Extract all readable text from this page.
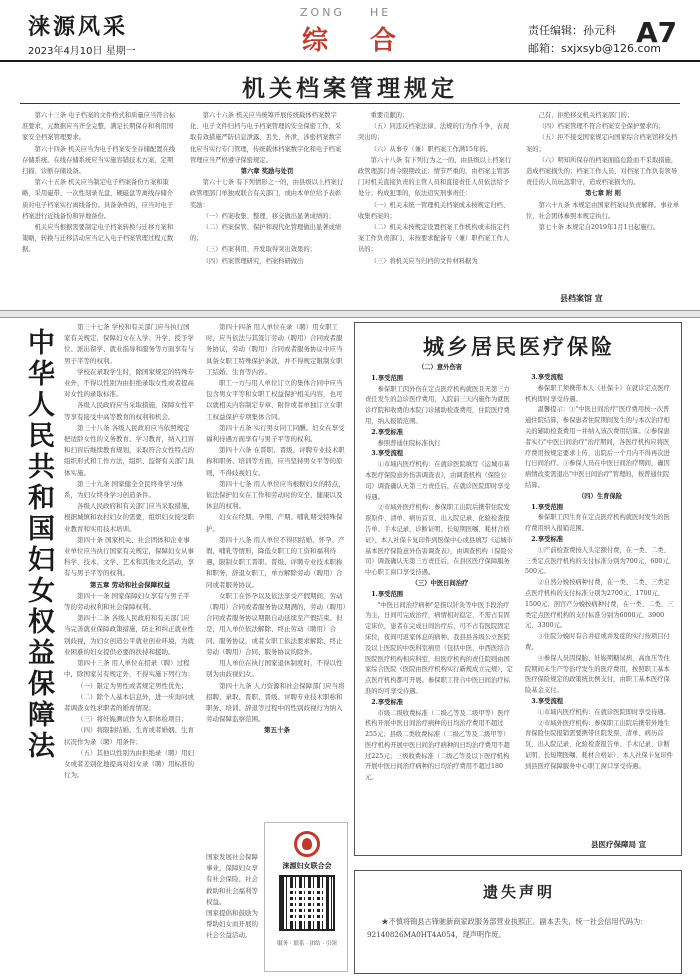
涞源风采
2023年4月10日 星期一
ZONG HE
综 合	责任编辑：孙元科
邮箱：sxjxsyb@126.com
A7
机关档案管理规定

第六十三条 电子档案的文件格式和质量应当符合标准要求，元数据应当齐全完整，满足长期保存和利用国家安全档案管理要求。

第六十四条 机关应当为电子档案安全存储配置在线存储系统。在线存储系统应当实施容错技术方案，定期扫描、诊断存储设备。

第六十五条 机关应当制定电子档案备份方案和策略，采用磁带、一次性刻录光盘、硬磁盘等离线存储介质对电子档案实行离线备份。具备条件的，应当对电子档案进行近线备份和异地备份。

机关应当根据需要制定电子档案转换与迁移方案和策略，转换与迁移活动应当记入电子档案管理过程元数据。

第六十六条 机关应当统筹开展传统载体档案数字化、电子文件归档与电子档案管理的安全保密工作，采取有效措施严防信息泄露、丢失、外泄、涉密档案数字化应当实行专门管理，传统载体档案数字化和电子档案管理应当严格遵守保密规定。

第六章 奖励与处罚

第六十七条 有下列情形之一的，由县级以上档案行政管理部门单独或联合有关部门，或由本单位给予表彰奖励：

（一）档案收集、整理、移交做出显著成绩的；

（二）档案保管、保护和现代化管理做出显著成绩的；

（三）档案利用、开发取得突出效果的；

（四）档案管理研究，档案科研做出

重要贡献的；

（五）同违反档案法律、法规的行为作斗争，表现突出的；

（六）从事专（兼）职档案工作满15年的。

第六十八条 有下列行为之一的，由县级以上档案行政管理部门责令限期改正；情节严重的，由档案主管部门对机关直接负责的主管人员和直接责任人员依法给予处分；构成犯罪的，依法追究刑事责任：

（一）机关未统一管理机关档案或未按规定归档、收集档案的；

（二）机关未按规定设置档案工作机构或未指定档案工作负责部门、未按要求配备专（兼）职档案工作人员的；

（三）将机关应当归档的文件材料据为

己有，拒绝移交机关档案部门的；

（四）档案管理不符合档案安全保护要求的；

（五）拒不接受国家规定向国家综合档案馆移交档案的；

（六）明知所保存的档案面临危险而不采取措施，造成档案损失的；档案工作人员、对档案工作负有领导责任的人员玩忽职守，造成档案损失的。

第七章 附 则

第六十九条 本规定由国家档案局负责解释。事业单位、社会团体参照本规定执行。

第七十条 本规定自2019年1月1日起施行。

县档案馆 宣
中华人民共和国妇女权益保障法

第三十七条 学校和有关部门应当执行国家有关规定，保障妇女在入学、升学、授予学位、派出留学、就业指导和服务等方面享有与男子平等的权利。

学校在录取学生时，除国家规定的特殊专业外，不得以性别为由拒绝录取女性或者提高对女性的录取标准。

各级人民政府应当采取措施，保障女性平等享有接受中高等教育的权利和机会。

第三十八条 各级人民政府应当依照规定把适龄女性的义务教育、学习教育，纳入扫盲和扫盲后继续教育规划，采取符合女性特点的组织形式和工作方法，组织、监督有关部门具体实施。

第三十九条 国家健全全民终身学习体系，为妇女终身学习创造条件。

各级人民政府和有关部门应当采取措施，根据城镇和农村妇女的需要，组织妇女接受职业教育和实用技术培训。

第四十条 国家机关、社会团体和企业事业单位应当执行国家有关规定，保障妇女从事科学、技术、文学、艺术和其他文化活动，享有与男子平等的权利。

第五章 劳动和社会保障权益

第四十一条 国家保障妇女享有与男子平等的劳动权利和社会保障权利。

第四十二条 各级人民政府和有关部门应当完善就业保障政策措施，防止和纠正就业性别歧视，为妇女创造公平就业创业环境，为就业困难的妇女提供必要的扶持和援助。

第四十三条 用人单位在招录（聘）过程中，除国家另有规定外，不得实施下列行为：

（一）限定为男性或者规定男性优先；

（二）除个人基本信息外，进一步询问或者调查女性求职者的婚育情况；

（三）将妊娠测试作为入职体检项目；

（四）将限制结婚、生育或者婚姻、生育状况作为录（聘）用条件；

（五）其他以性别为由拒绝录（聘）用妇女或者差别化地提高对妇女录（聘）用标准的行为。

第四十四条 用人单位在录（聘）用女职工时，应当依法与其签订劳动（聘用）合同或者服务协议，劳动（聘用）合同或者服务协议中应当具备女职工特殊保护条款，并不得规定限制女职工结婚、生育等内容。

职工一方与用人单位订立的集体合同中应当包含男女平等和女职工权益保护相关内容，也可以就相关内容制定专章、附件或者单独订立女职工权益保护专项集体合同。

第四十五条 实行男女同工同酬。妇女在享受福利待遇方面享有与男子平等的权利。

第四十六条 在晋职、晋级、评聘专业技术职称和职务、培训等方面，应当坚持男女平等的原则，不得歧视妇女。

第四十七条 用人单位应当根据妇女的特点，依法保护妇女在工作和劳动时的安全、健康以及休息的权利。

妇女在经期、孕期、产期、哺乳期受特殊保护。

第四十八条 用人单位不得因结婚、怀孕、产假、哺乳等情形，降低女职工的工资和福利待遇，限制女职工晋职、晋级、评聘专业技术职称和职务，辞退女职工，单方解除劳动（聘用）合同或者服务协议。

女职工在怀孕以及依法享受产假期间，劳动（聘用）合同或者服务协议期满的，劳动（聘用）合同或者服务协议期限自动延续至产假结束。但是，用人单位依法解除、终止劳动（聘用）合同、服务协议，或者女职工依法要求解除、终止劳动（聘用）合同、服务协议的除外。

用人单位在执行国家退休制度时，不得以性别为由歧视妇女。

第四十九条 人力资源和社会保障部门应当将招聘、录取、晋职、晋级、评聘专业技术职称和职务、培训、辞退等过程中的性别歧视行为纳入劳动保障监察范围。

第五十条

国家发展社会保障事业，保障妇女享有社会保险、社会救助和社会福利等权益。

国家提倡和鼓励为帮助妇女而开展的社会公益活动。

涞源妇女联合会
服务 · 联系 · 团结 · 引领
城乡居民医疗保险

（二）意外伤害

1.享受范围

参保职工因外伤在定点医疗机构就医且无第三方责任发生的急诊医疗费用，入院前三天内施作为就医诊疗院和收费的本院门诊辅助检查费用，住院医疗费用，纳入报销范围。

2.享受标准

参照普通住院标准执行

3.享受流程

①市域内医疗机构：在就诊医院填写《运城市基本医疗保险意外伤害调查表》，由调查机构（保险公司）调查确认无第三方责任后，在就诊医院即时享受待遇。

②市域外医疗机构：参保职工出院后携带住院发票原件、清单、病历首页、出入院记录、化验检查报告单、手术记录、诊断证明、长短期医嘱、耗材合格证）、本人社保卡复印件到医保中心或县填写《运城市基本医疗保险意外伤害调查表》，由调查机构（保险公司）调查确认无第三方责任后，在县区医疗保障服务中心职工窗口享受待遇。

（三）中医日间治疗

1.享受范围

"中医日间治疗病种"是指以针灸等中医手段治疗为主，日间可完成治疗，病情相对稳定、不需占有固定床位，患者在完成日间治疗后，可不占有医院固定床位，夜间可返家休息的病种。我县县各级公立医院及以上医院的中医科室病房（包括中医、中西医结合医院医疗机构相应科室，但医疗机构的责任院则由国家综合医院（医院由医疗机构实行新规成立完规），定点医疗机构都可开展。参保职工符合中医日间治疗标准的均可享受待遇。

2.享受标准

市级二级收费标准（二级乙等及二级甲等）医疗机构开展中医日间治疗病种的日均治疗费用不超过255元；县级二类收费标准（二级乙等及二级甲等）医疗机构开展中医日间治疗病种的日均治疗费用不超过225元；三级收费标准（二级乙等及以下医疗机构开展中医日间治疗病种的日均治疗费用不超过180元。

3.享受流程

参保职工须携带本人《社保卡》在就诊定点医疗机构即时享受待遇。

温馨提示：①"中医日间治疗"医疗费用按一次普通住院结算，参保患者住院期间发生的与本次治疗相关的辅助检查费用一并纳入该次费用结算。②参保患者实行"中医日间治疗"治疗期间，各医疗机构应将医疗费用按规定要求上传，出院后一个月内不得再次进行日间治疗。③参保人员在中医日间治疗期间，确因病情改变需退出"中医日间治疗"管理的，按普通住院结算。

（四）生育保险

1.享受范围

参保职工因生育在定点医疗机构就医时发生的医疗费用纳入报销范围。

2.享受标准

①产前检查费按人头定额付费，在一类、二类、三类定点医疗机构的支付标准分别为700元、600元、500元。

②自然分娩按病种付费，在一类、二类、三类定点医疗机构的支付标准分别为2700元、1700元、1500元；剖宫产分娩按病种付费，在一类、二类、三类定点医疗机构的支付标准分别为6000元、3900元、3300元。

③住院分娩时有合并症或并发症的实行按项目付费。

④参保人员因保胎、妊娠期糖尿病、高血压等住院期间未生产等治疗发生的医疗费用，按照职工基本医疗保险规定的政策统比例支付，由职工基本医疗保险基金支付。

3.享受流程

①市域内医疗机构：在就诊医院即时享受待遇。

②市域外医疗机构：参保职工出院后携带外地生育保险住院报销需要携带住院发票、清单、病历首页、出入院记录、化验检查报告单、手术记录、诊断证明、长短期医嘱、耗材合格证）、本人社保卡复印件到县医疗保障服务中心职工窗口享受待遇。

县医疗保障局 宣
遗失声明
★不慎将锦县古锋驰新商家政服务部营业执照正、副本丢失，统一社会信用代码为：92140826MA0HT4A054，现声明作废。
